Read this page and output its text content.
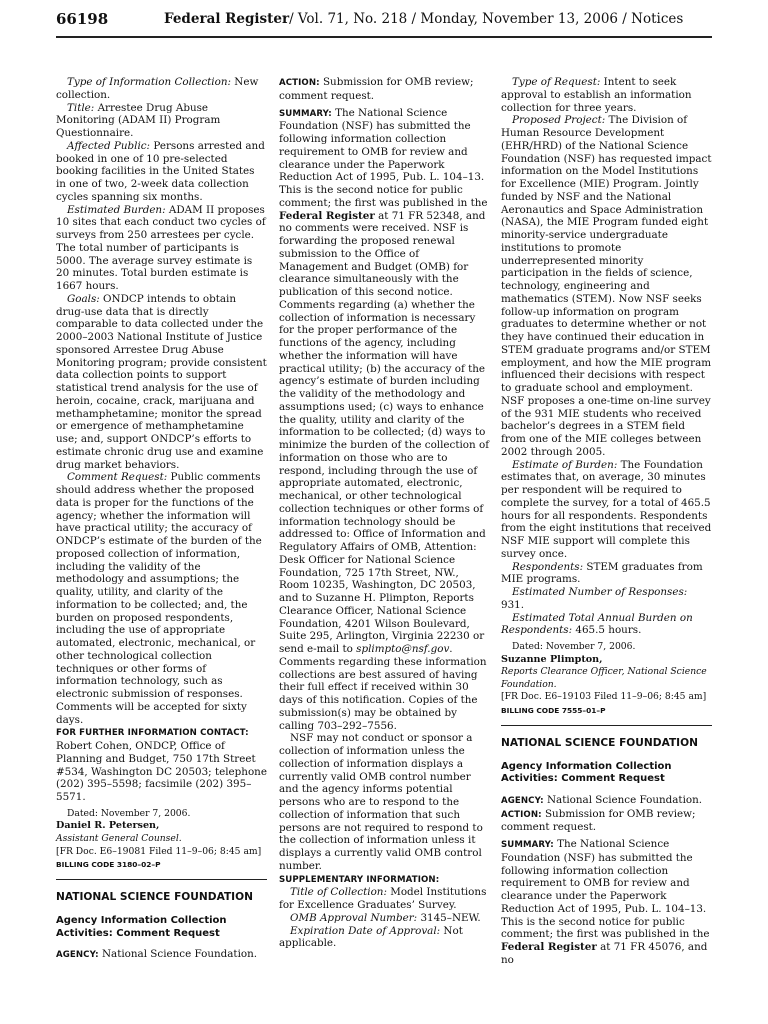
66198	Federal Register/ Vol. 71, No. 218 / Monday, November 13, 2006 / Notices

Type of Information Collection: New collection.

Title: Arrestee Drug Abuse Monitoring (ADAM II) Program Questionnaire.

Affected Public: Persons arrested and booked in one of 10 pre-selected booking facilities in the United States in one of two, 2-week data collection cycles spanning six months.

Estimated Burden: ADAM II proposes 10 sites that each conduct two cycles of surveys from 250 arrestees per cycle. The total number of participants is 5000. The average survey estimate is 20 minutes. Total burden estimate is 1667 hours.

Goals: ONDCP intends to obtain drug-use data that is directly comparable to data collected under the 2000–2003 National Institute of Justice sponsored Arrestee Drug Abuse Monitoring program; provide consistent data collection points to support statistical trend analysis for the use of heroin, cocaine, crack, marijuana and methamphetamine; monitor the spread or emergence of methamphetamine use; and, support ONDCP’s efforts to estimate chronic drug use and examine drug market behaviors.

Comment Request: Public comments should address whether the proposed data is proper for the functions of the agency; whether the information will have practical utility; the accuracy of ONDCP’s estimate of the burden of the proposed collection of information, including the validity of the methodology and assumptions; the quality, utility, and clarity of the information to be collected; and, the burden on proposed respondents, including the use of appropriate automated, electronic, mechanical, or other technological collection techniques or other forms of information technology, such as electronic submission of responses. Comments will be accepted for sixty days.

FOR FURTHER INFORMATION CONTACT:
Robert Cohen, ONDCP, Office of Planning and Budget, 750 17th Street #534, Washington DC 20503; telephone (202) 395–5598; facsimile (202) 395–5571.

Dated: November 7, 2006.

Daniel R. Petersen,

Assistant General Counsel.

[FR Doc. E6–19081 Filed 11–9–06; 8:45 am]

BILLING CODE 3180–02–P

NATIONAL SCIENCE FOUNDATION

Agency Information Collection Activities: Comment Request

AGENCY: National Science Foundation.

ACTION: Submission for OMB review; comment request.

SUMMARY: The National Science Foundation (NSF) has submitted the following information collection requirement to OMB for review and clearance under the Paperwork Reduction Act of 1995, Pub. L. 104–13. This is the second notice for public comment; the first was published in the Federal Register at 71 FR 52348, and no comments were received. NSF is forwarding the proposed renewal submission to the Office of Management and Budget (OMB) for clearance simultaneously with the publication of this second notice. Comments regarding (a) whether the collection of information is necessary for the proper performance of the functions of the agency, including whether the information will have practical utility; (b) the accuracy of the agency’s estimate of burden including the validity of the methodology and assumptions used; (c) ways to enhance the quality, utility and clarity of the information to be collected; (d) ways to minimize the burden of the collection of information on those who are to respond, including through the use of appropriate automated, electronic, mechanical, or other technological collection techniques or other forms of information technology should be addressed to: Office of Information and Regulatory Affairs of OMB, Attention: Desk Officer for National Science Foundation, 725 17th Street, NW., Room 10235, Washington, DC 20503, and to Suzanne H. Plimpton, Reports Clearance Officer, National Science Foundation, 4201 Wilson Boulevard, Suite 295, Arlington, Virginia 22230 or send e-mail to splimpto@nsf.gov. Comments regarding these information collections are best assured of having their full effect if received within 30 days of this notification. Copies of the submission(s) may be obtained by calling 703–292–7556.

NSF may not conduct or sponsor a collection of information unless the collection of information displays a currently valid OMB control number and the agency informs potential persons who are to respond to the collection of information that such persons are not required to respond to the collection of information unless it displays a currently valid OMB control number.

SUPPLEMENTARY INFORMATION:

Title of Collection: Model Institutions for Excellence Graduates’ Survey.

OMB Approval Number: 3145–NEW.

Expiration Date of Approval: Not applicable.

Type of Request: Intent to seek approval to establish an information collection for three years.

Proposed Project: The Division of Human Resource Development (EHR/HRD) of the National Science Foundation (NSF) has requested impact information on the Model Institutions for Excellence (MIE) Program. Jointly funded by NSF and the National Aeronautics and Space Administration (NASA), the MIE Program funded eight minority-service undergraduate institutions to promote underrepresented minority participation in the fields of science, technology, engineering and mathematics (STEM). Now NSF seeks follow-up information on program graduates to determine whether or not they have continued their education in STEM graduate programs and/or STEM employment, and how the MIE program influenced their decisions with respect to graduate school and employment. NSF proposes a one-time on-line survey of the 931 MIE students who received bachelor’s degrees in a STEM field from one of the MIE colleges between 2002 through 2005.

Estimate of Burden: The Foundation estimates that, on average, 30 minutes per respondent will be required to complete the survey, for a total of 465.5 hours for all respondents. Respondents from the eight institutions that received NSF MIE support will complete this survey once.

Respondents: STEM graduates from MIE programs.

Estimated Number of Responses: 931.

Estimated Total Annual Burden on Respondents: 465.5 hours.

Dated: November 7, 2006.

Suzanne Plimpton,

Reports Clearance Officer, National Science Foundation.

[FR Doc. E6–19103 Filed 11–9–06; 8:45 am]

BILLING CODE 7555–01–P

NATIONAL SCIENCE FOUNDATION

Agency Information Collection Activities: Comment Request

AGENCY: National Science Foundation.

ACTION: Submission for OMB review; comment request.

SUMMARY: The National Science Foundation (NSF) has submitted the following information collection requirement to OMB for review and clearance under the Paperwork Reduction Act of 1995, Pub. L. 104–13. This is the second notice for public comment; the first was published in the Federal Register at 71 FR 45076, and no
